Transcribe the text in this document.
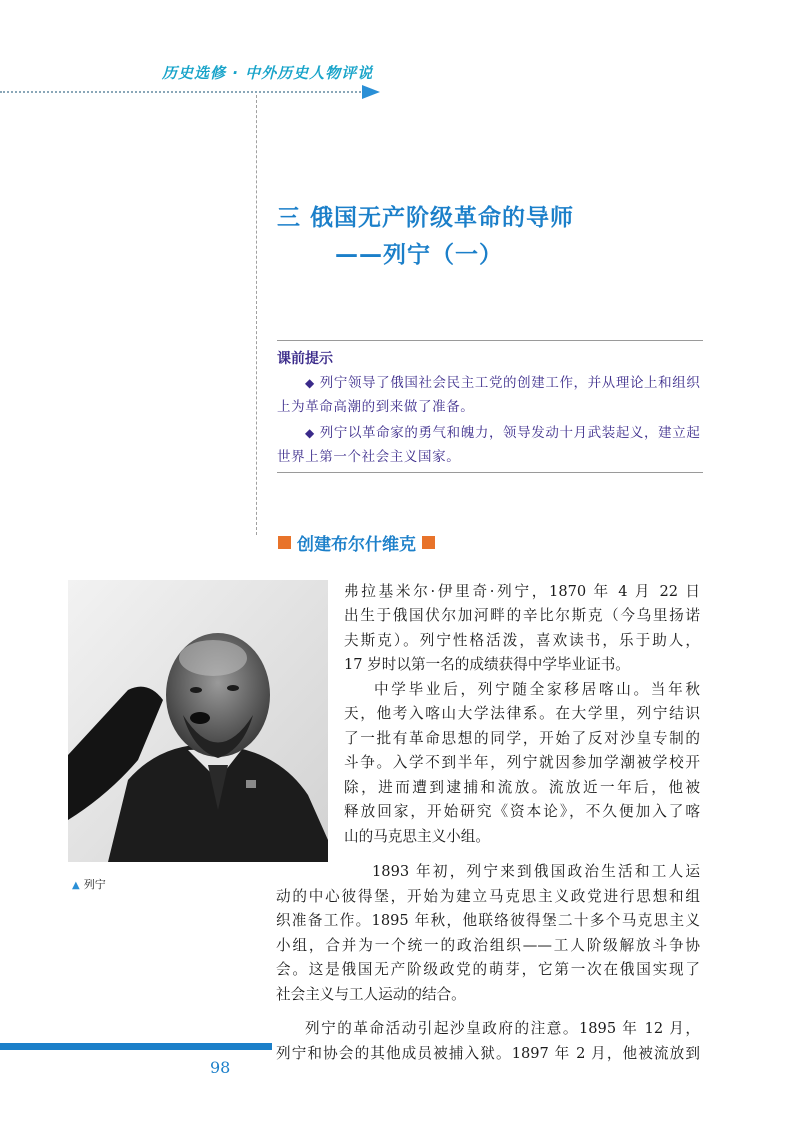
历史选修 · 中外历史人物评说
三 俄国无产阶级革命的导师
——列宁（一）
课前提示
◆ 列宁领导了俄国社会民主工党的创建工作，并从理论上和组织上为革命高潮的到来做了准备。
◆ 列宁以革命家的勇气和魄力，领导发动十月武装起义，建立起世界上第一个社会主义国家。
创建布尔什维克
▲ 列宁
弗拉基米尔·伊里奇·列宁，1870 年 4 月 22 日
出生于俄国伏尔加河畔的辛比尔斯克（今乌里扬诺
夫斯克）。列宁性格活泼，喜欢读书，乐于助人，
17 岁时以第一名的成绩获得中学毕业证书。
中学毕业后，列宁随全家移居喀山。当年秋
天，他考入喀山大学法律系。在大学里，列宁结识
了一批有革命思想的同学，开始了反对沙皇专制的
斗争。入学不到半年，列宁就因参加学潮被学校开
除，进而遭到逮捕和流放。流放近一年后，他被
释放回家，开始研究《资本论》，不久便加入了喀
山的马克思主义小组。
1893 年初，列宁来到俄国政治生活和工人运
动的中心彼得堡，开始为建立马克思主义政党进行思想和组
织准备工作。1895 年秋，他联络彼得堡二十多个马克思主义
小组，合并为一个统一的政治组织——工人阶级解放斗争协
会。这是俄国无产阶级政党的萌芽，它第一次在俄国实现了
社会主义与工人运动的结合。
列宁的革命活动引起沙皇政府的注意。1895 年 12 月，
列宁和协会的其他成员被捕入狱。1897 年 2 月，他被流放到
98
